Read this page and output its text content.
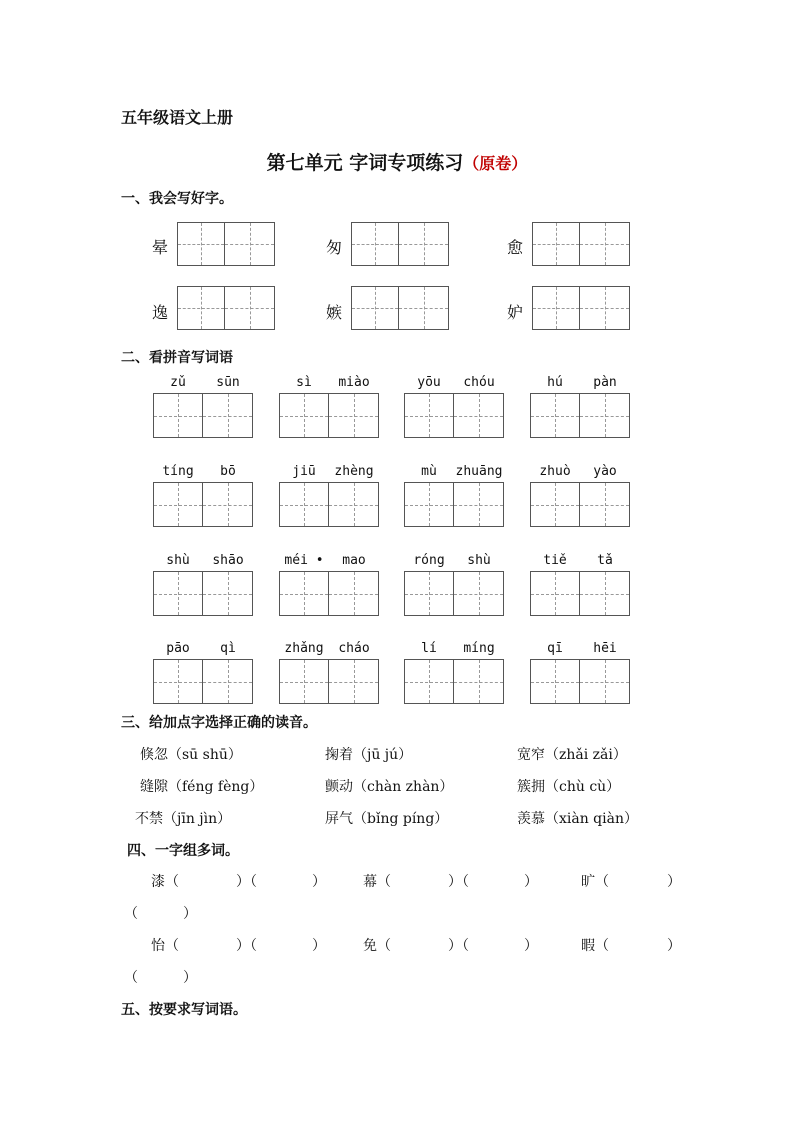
五年级语文上册
第七单元 字词专项练习（原卷）
一、我会写好字。
晕	匆	愈
逸	嫉	妒
二、看拼音写词语
zǔ	sūn	sì	miào	yōu	chóu	hú	pàn
tíng	bō	jiū	zhèng	mù	zhuāng	zhuò	yào
shù	shāo	méi •	mao	róng	shù	tiě	tǎ
pāo	qì	zhǎng	cháo	lí	míng	qī	hēi
三、给加点字选择正确的读音。
倏忽（sū shū）	掬着（jū jú）	宽窄（zhǎi zǎi）
缝隙（féng fèng）	颤动（chàn zhàn）	簇拥（chù cù）
不禁（jīn jìn）	屏气（bǐng píng）	羡慕（xiàn qiàn）
四、一字组多词。
漆（	）（	）	幕（	）（	）	旷（	）
（	）
怡（	）（	）	免（	）（	）	暇（	）
（	）
五、按要求写词语。
